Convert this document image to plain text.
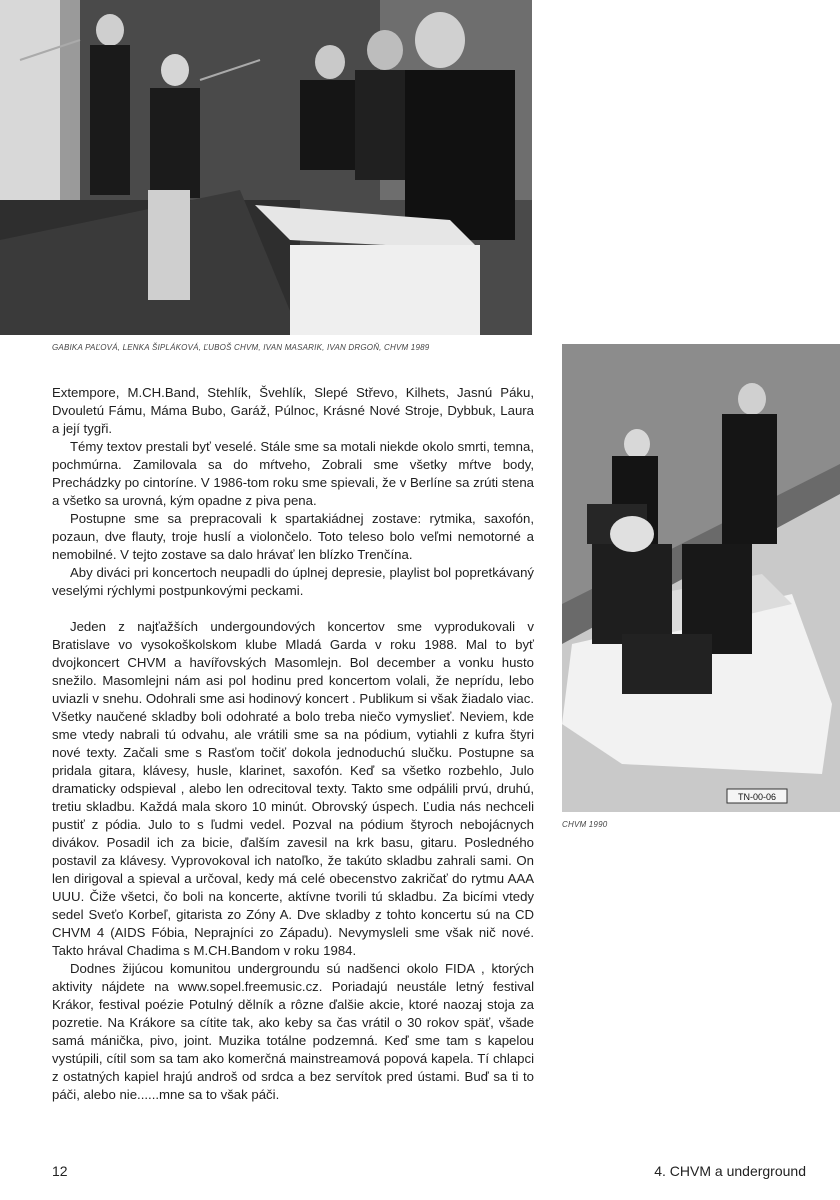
GABIKA PAĽOVÁ, LENKA ŠIPLÁKOVÁ, ĽUBOŠ CHVM, IVAN MASARIK, IVAN DRGOŇ, CHVM 1989
TN-00-06
CHVM 1990

Extempore, M.CH.Band, Stehlík, Švehlík, Slepé Střevo, Kilhets, Jasnú Páku, Dvouletú Fámu, Máma Bubo, Garáž, Púlnoc, Krásné Nové Stroje, Dybbuk, Laura a její tygři.

Témy textov prestali byť veselé. Stále sme sa motali niekde okolo smrti, temna, pochmúrna. Zamilovala sa do mŕtveho, Zobrali sme všetky mŕtve body, Prechádzky po cintoríne. V 1986-tom roku sme spievali, že v Berlíne sa zrúti stena a všetko sa urovná, kým opadne z piva pena.

Postupne sme sa prepracovali k spartakiádnej zostave: rytmika, saxofón, pozaun, dve flauty, troje huslí a violončelo. Toto teleso bolo veľmi nemotorné a nemobilné. V tejto zostave sa dalo hrávať len blízko Trenčína.

Aby diváci pri koncertoch neupadli do úplnej depresie, playlist bol popretkávaný veselými rýchlymi postpunkovými peckami.

Jeden z najťažších undergoundových koncertov sme vyprodukovali v Bratislave vo vysokoškolskom klube Mladá Garda v roku 1988. Mal to byť dvojkoncert CHVM a havířovských Masomlejn. Bol december a vonku husto snežilo. Masomlejni nám asi pol hodinu pred koncertom volali, že neprídu, lebo uviazli v snehu. Odohrali sme asi hodinový koncert . Publikum si však žiadalo viac. Všetky naučené skladby boli odohraté a bolo treba niečo vymyslieť. Neviem, kde sme vtedy nabrali tú odvahu, ale vrátili sme sa na pódium, vytiahli z kufra štyri nové texty. Začali sme s Rasťom točiť dokola jednoduchú slučku. Postupne sa pridala gitara, klávesy, husle, klarinet, saxofón. Keď sa všetko rozbehlo, Julo dramaticky odspieval , alebo len odrecitoval texty. Takto sme odpálili prvú, druhú, tretiu skladbu. Každá mala skoro 10 minút. Obrovský úspech. Ľudia nás nechceli pustiť z pódia. Julo to s ľudmi vedel. Pozval na pódium štyroch nebojácnych divákov. Posadil ich za bicie, ďalším zavesil na krk basu, gitaru. Posledného postavil za klávesy. Vyprovokoval ich natoľko, že takúto skladbu zahrali sami. On len dirigoval a spieval a určoval, kedy má celé obecenstvo zakričať do rytmu AAA UUU. Čiže všetci, čo boli na koncerte, aktívne tvorili tú skladbu. Za bicími vtedy sedel Sveťo Korbeľ, gitarista zo Zóny A. Dve skladby z tohto koncertu sú na CD CHVM 4 (AIDS Fóbia, Neprajníci zo Západu). Nevymysleli sme však nič nové. Takto hrával Chadima s M.CH.Bandom v roku 1984.

Dodnes žijúcou komunitou undergroundu sú nadšenci okolo FIDA , ktorých aktivity nájdete na www.sopel.freemusic.cz. Poriadajú neustále letný festival Krákor, festival poézie Potulný dělník a rôzne ďalšie akcie, ktoré naozaj stoja za pozretie. Na Krákore sa cítite tak, ako keby sa čas vrátil o 30 rokov späť, všade samá mánička, pivo, joint. Muzika totálne podzemná. Keď sme tam s kapelou vystúpili, cítil som sa tam ako komerčná mainstreamová popová kapela. Tí chlapci z ostatných kapiel hrajú androš od srdca a bez servítok pred ústami. Buď sa ti to páči, alebo nie......mne sa to však páči.

12	4. CHVM a underground
